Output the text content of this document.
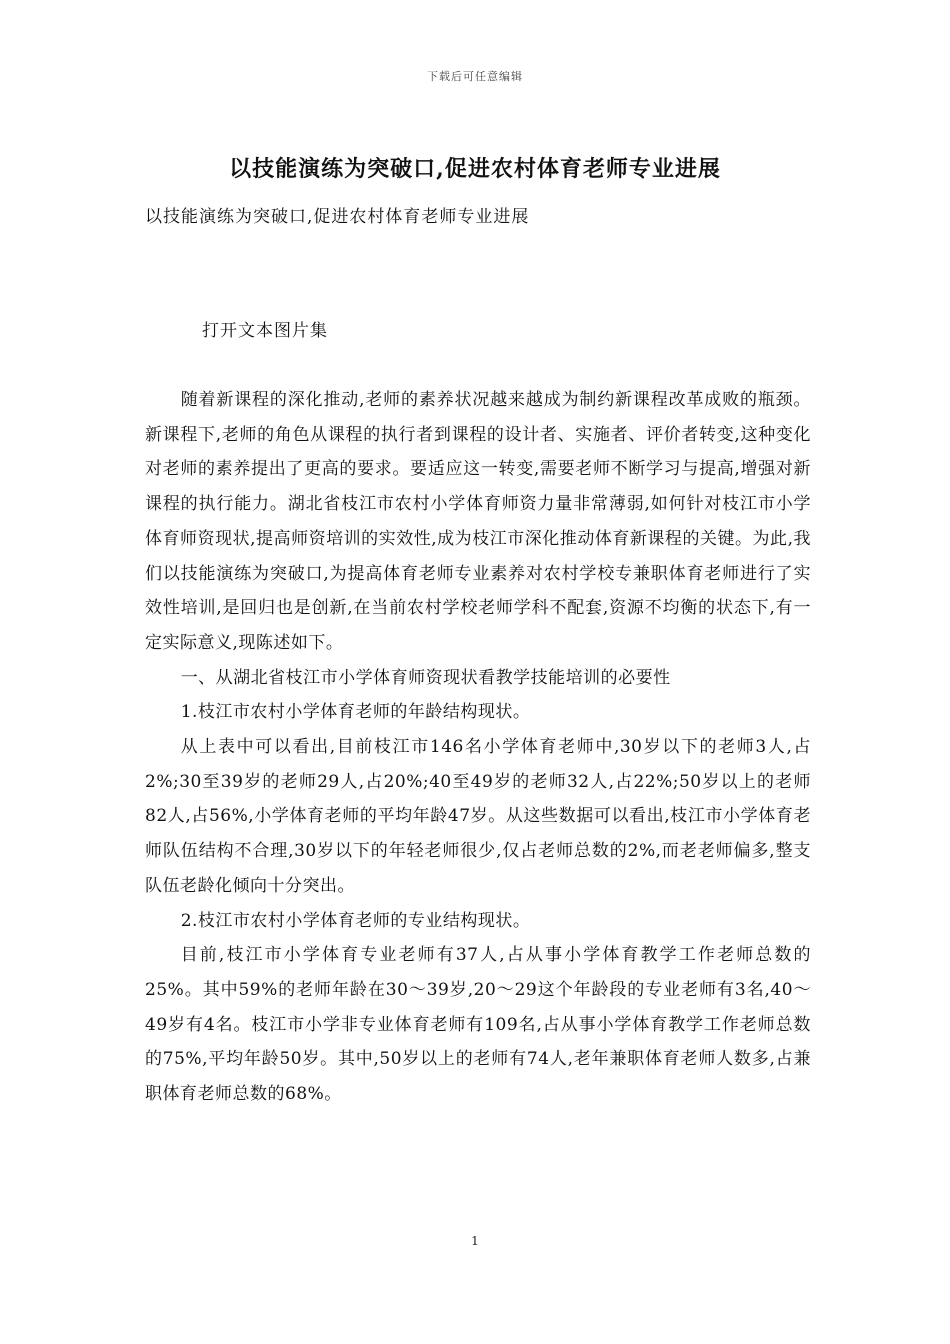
下载后可任意编辑
以技能演练为突破口,促进农村体育老师专业进展
以技能演练为突破口,促进农村体育老师专业进展
打开文本图片集

随着新课程的深化推动,老师的素养状况越来越成为制约新课程改革成败的瓶颈。新课程下,老师的角色从课程的执行者到课程的设计者、实施者、评价者转变,这种变化对老师的素养提出了更高的要求。要适应这一转变,需要老师不断学习与提高,增强对新课程的执行能力。湖北省枝江市农村小学体育师资力量非常薄弱,如何针对枝江市小学体育师资现状,提高师资培训的实效性,成为枝江市深化推动体育新课程的关键。为此,我们以技能演练为突破口,为提高体育老师专业素养对农村学校专兼职体育老师进行了实效性培训,是回归也是创新,在当前农村学校老师学科不配套,资源不均衡的状态下,有一定实际意义,现陈述如下。

一、从湖北省枝江市小学体育师资现状看教学技能培训的必要性

1.枝江市农村小学体育老师的年龄结构现状。

从上表中可以看出,目前枝江市146名小学体育老师中,30岁以下的老师3人,占2%;30至39岁的老师29人,占20%;40至49岁的老师32人,占22%;50岁以上的老师82人,占56%,小学体育老师的平均年龄47岁。从这些数据可以看出,枝江市小学体育老师队伍结构不合理,30岁以下的年轻老师很少,仅占老师总数的2%,而老老师偏多,整支队伍老龄化倾向十分突出。

2.枝江市农村小学体育老师的专业结构现状。

目前,枝江市小学体育专业老师有37人,占从事小学体育教学工作老师总数的25%。其中59%的老师年龄在30～39岁,20～29这个年龄段的专业老师有3名,40～49岁有4名。枝江市小学非专业体育老师有109名,占从事小学体育教学工作老师总数的75%,平均年龄50岁。其中,50岁以上的老师有74人,老年兼职体育老师人数多,占兼职体育老师总数的68%。

1
